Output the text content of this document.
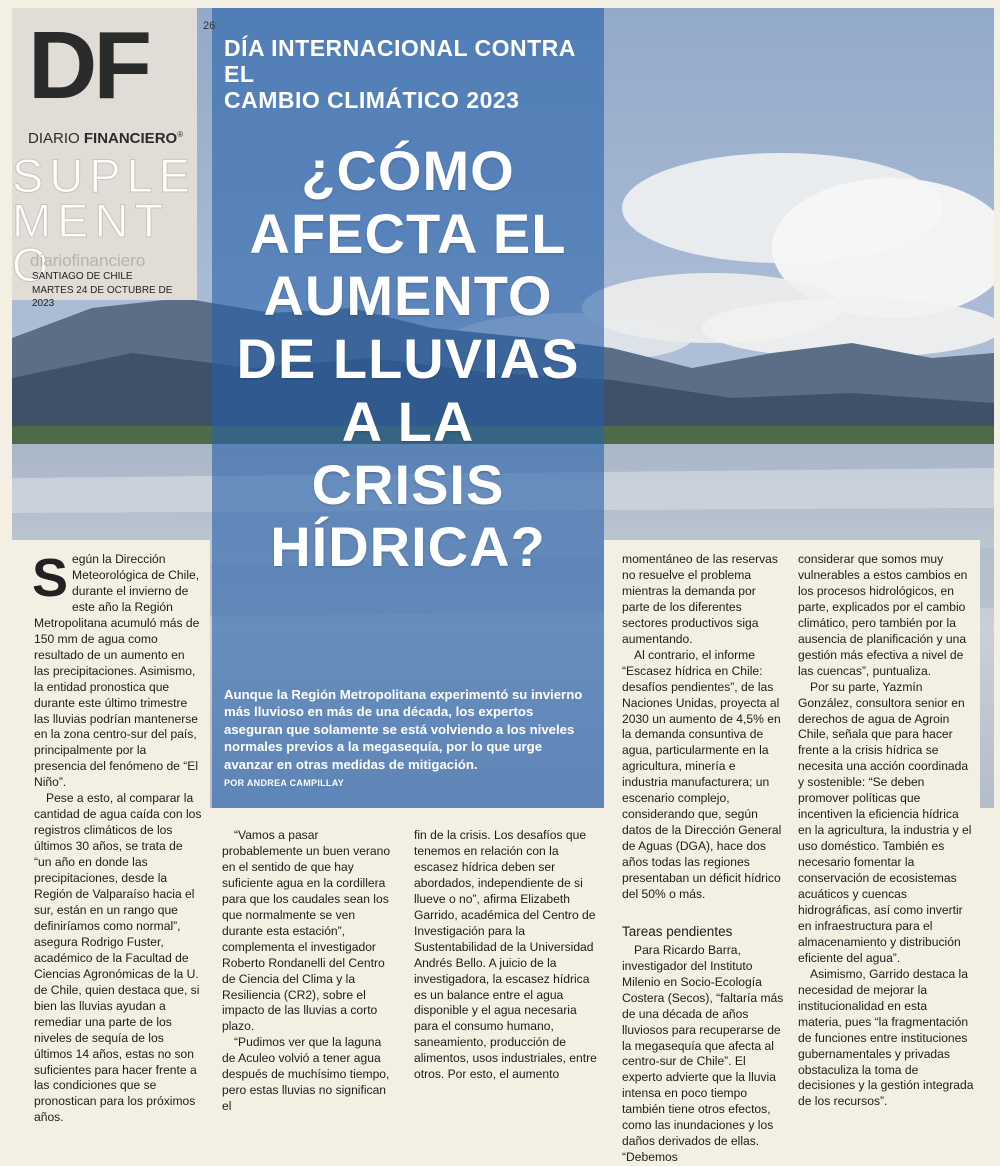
DF
DIARIO FINANCIERO®
SUPLEMENTO
diariofinanciero
SANTIAGO DE CHILE
MARTES 24 DE OCTUBRE DE 2023
26
DÍA INTERNACIONAL CONTRA EL
CAMBIO CLIMÁTICO 2023
¿CÓMO
AFECTA EL
AUMENTO
DE LLUVIAS
A LA
CRISIS
HÍDRICA?
Aunque la Región Metropolitana experimentó su invierno más lluvioso en más de una década, los expertos aseguran que solamente se está volviendo a los niveles normales previos a la megasequía, por lo que urge avanzar en otras medidas de mitigación.
POR ANDREA CAMPILLAY
S egún la Dirección Meteorológica de Chile, durante el invierno de este año la Región Metropolitana acumuló más de 150 mm de agua como resultado de un aumento en las precipitaciones. Asimismo, la entidad pronostica que durante este último trimestre las lluvias podrían mantenerse en la zona centro-sur del país, principalmente por la presencia del fenómeno de “El Niño”.

Pese a esto, al comparar la cantidad de agua caída con los registros climáticos de los últimos 30 años, se trata de “un año en donde las precipitaciones, desde la Región de Valparaíso hacia el sur, están en un rango que definiríamos como normal”, asegura Rodrigo Fuster, académico de la Facultad de Ciencias Agronómicas de la U. de Chile, quien destaca que, si bien las lluvias ayudan a remediar una parte de los niveles de sequía de los últimos 14 años, estas no son suficientes para hacer frente a las condiciones que se pronostican para los próximos años.

“Vamos a pasar probablemente un buen verano en el sentido de que hay suficiente agua en la cordillera para que los caudales sean los que normalmente se ven durante esta estación”, complementa el investigador Roberto Rondanelli del Centro de Ciencia del Clima y la Resiliencia (CR2), sobre el impacto de las lluvias a corto plazo.

“Pudimos ver que la laguna de Aculeo volvió a tener agua después de muchísimo tiempo, pero estas lluvias no significan el

fin de la crisis. Los desafíos que tenemos en relación con la escasez hídrica deben ser abordados, independiente de si llueve o no”, afirma Elizabeth Garrido, académica del Centro de Investigación para la Sustentabilidad de la Universidad Andrés Bello. A juicio de la investigadora, la escasez hídrica es un balance entre el agua disponible y el agua necesaria para el consumo humano, saneamiento, producción de alimentos, usos industriales, entre otros. Por esto, el aumento

momentáneo de las reservas no resuelve el problema mientras la demanda por parte de los diferentes sectores productivos siga aumentando.

Al contrario, el informe “Escasez hídrica en Chile: desafíos pendientes”, de las Naciones Unidas, proyecta al 2030 un aumento de 4,5% en la demanda consuntiva de agua, particularmente en la agricultura, minería e industria manufacturera; un escenario complejo, considerando que, según datos de la Dirección General de Aguas (DGA), hace dos años todas las regiones presentaban un déficit hídrico del 50% o más.

Tareas pendientes

Para Ricardo Barra, investigador del Instituto Milenio en Socio-Ecología Costera (Secos), “faltaría más de una década de años lluviosos para recuperarse de la megasequía que afecta al centro-sur de Chile”. El experto advierte que la lluvia intensa en poco tiempo también tiene otros efectos, como las inundaciones y los daños derivados de ellas. “Debemos

considerar que somos muy vulnerables a estos cambios en los procesos hidrológicos, en parte, explicados por el cambio climático, pero también por la ausencia de planificación y una gestión más efectiva a nivel de las cuencas”, puntualiza.

Por su parte, Yazmín González, consultora senior en derechos de agua de Agroin Chile, señala que para hacer frente a la crisis hídrica se necesita una acción coordinada y sostenible: “Se deben promover políticas que incentiven la eficiencia hídrica en la agricultura, la industria y el uso doméstico. También es necesario fomentar la conservación de ecosistemas acuáticos y cuencas hidrográficas, así como invertir en infraestructura para el almacenamiento y distribución eficiente del agua”.

Asimismo, Garrido destaca la necesidad de mejorar la institucionalidad en esta materia, pues “la fragmentación de funciones entre instituciones gubernamentales y privadas obstaculiza la toma de decisiones y la gestión integrada de los recursos”.
